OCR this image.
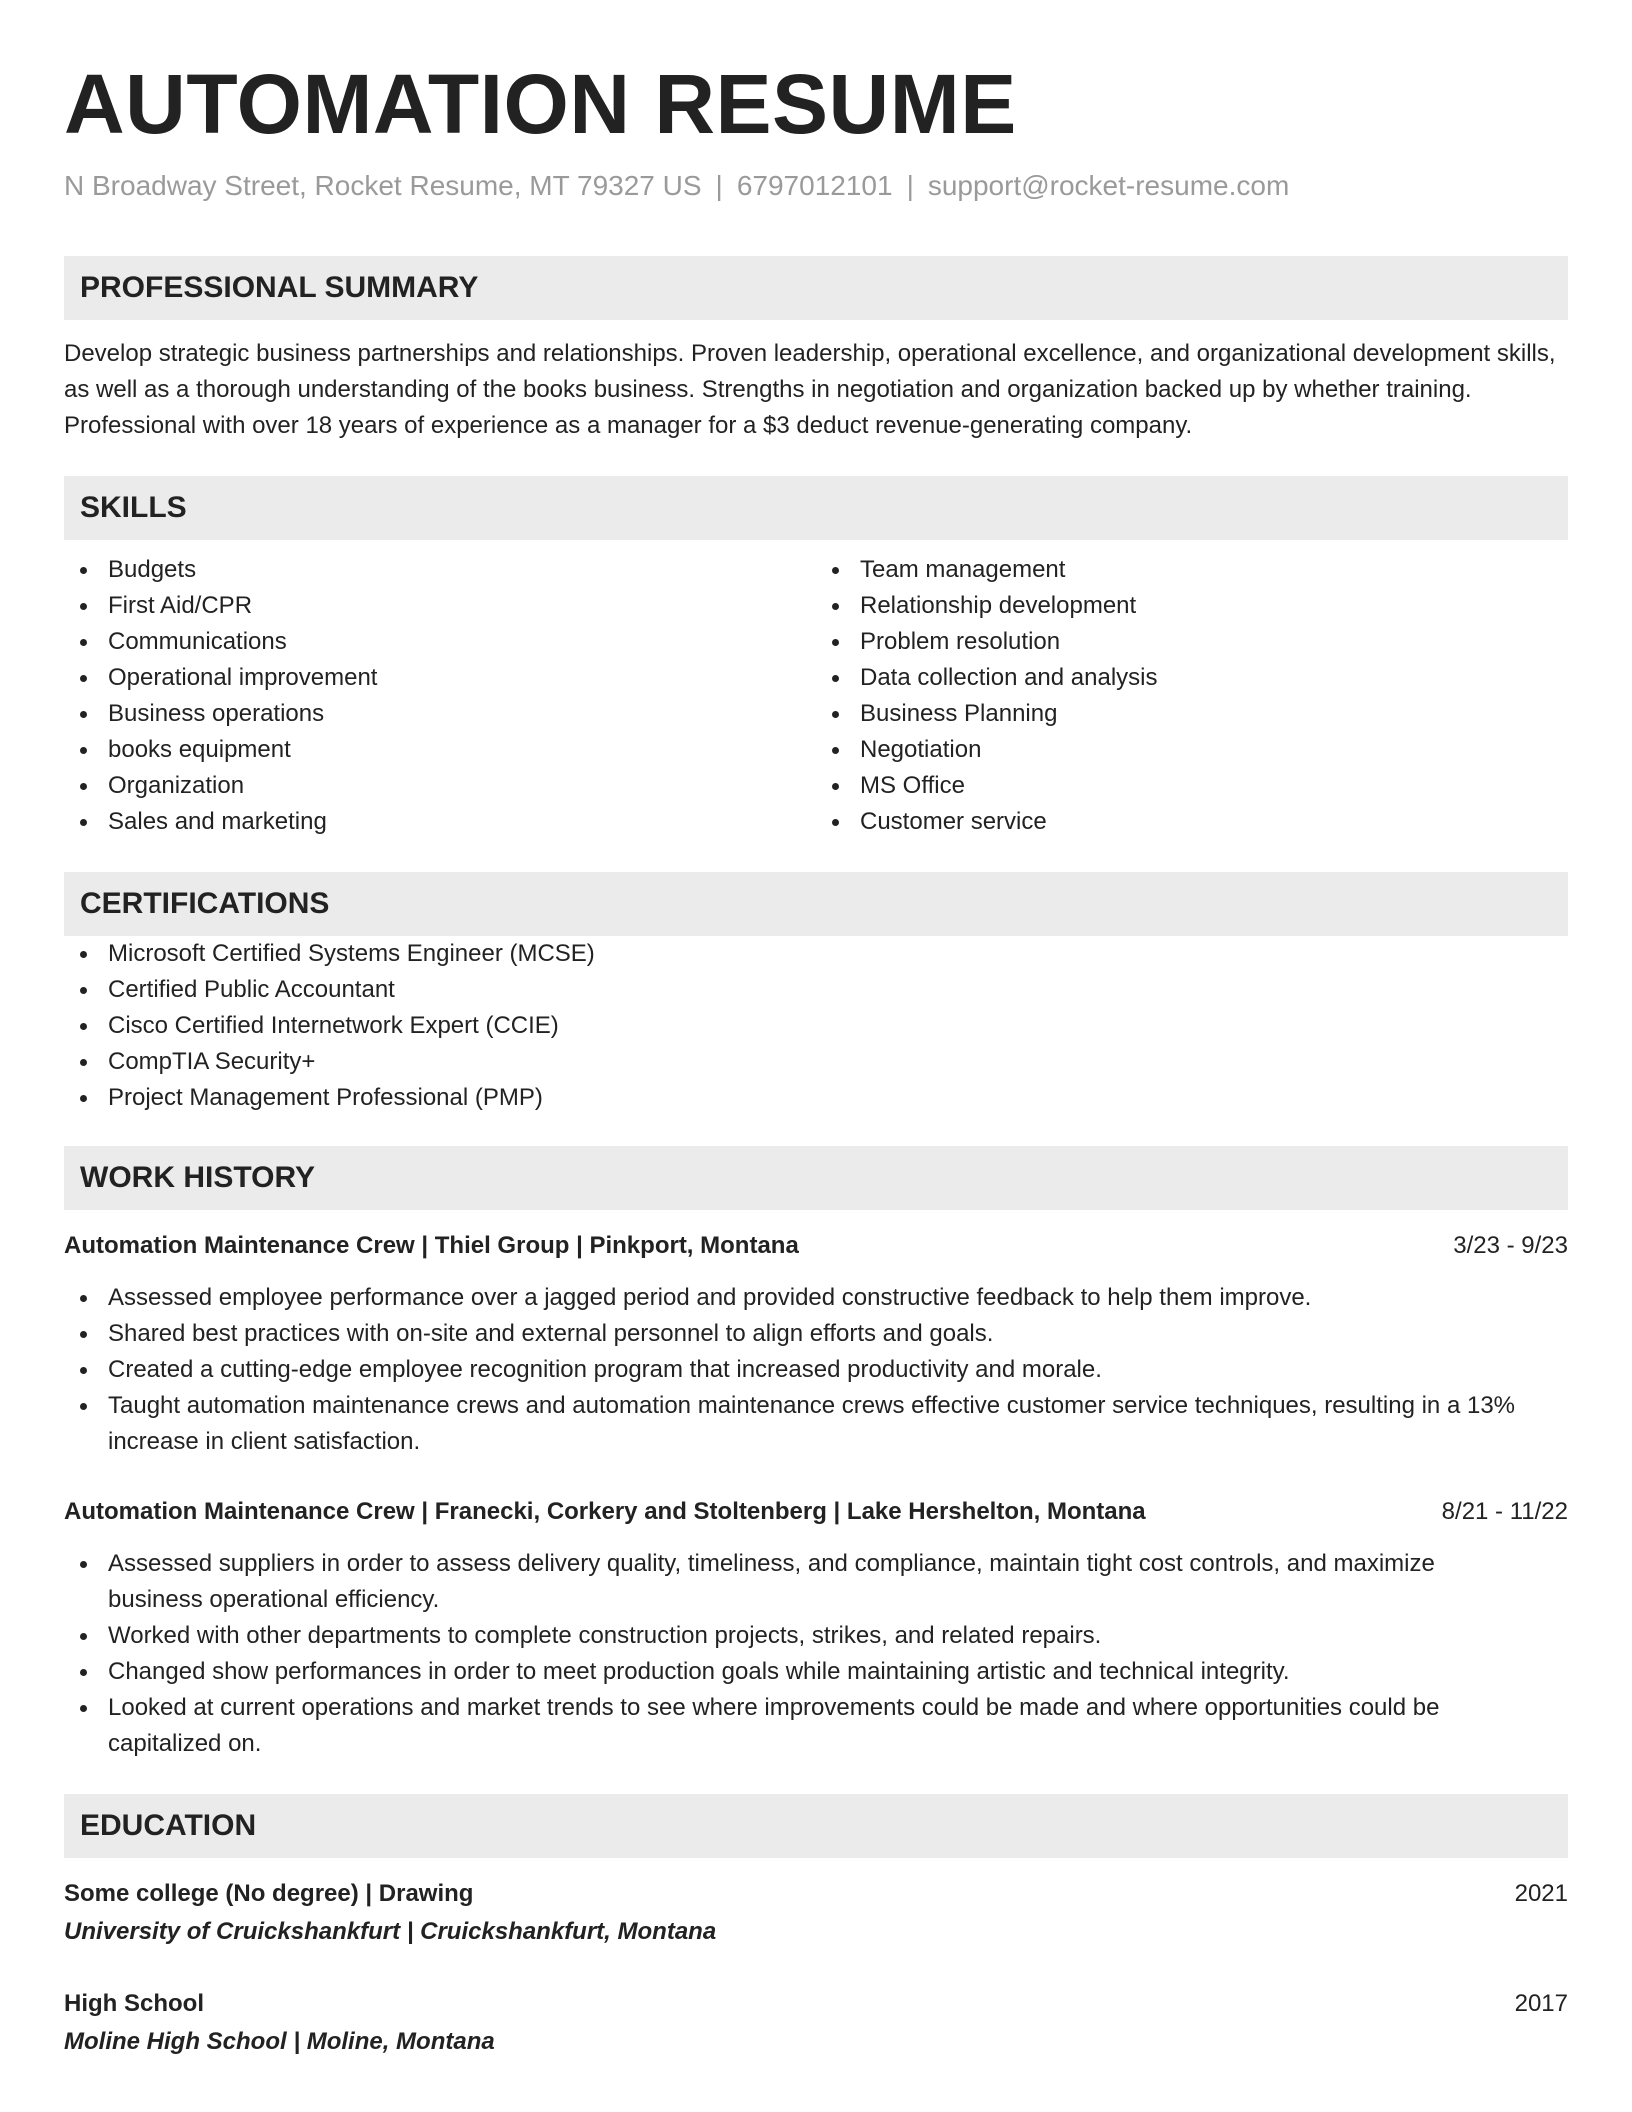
AUTOMATION RESUME
N Broadway Street, Rocket Resume, MT 79327 US | 6797012101 | support@rocket-resume.com
PROFESSIONAL SUMMARY
Develop strategic business partnerships and relationships. Proven leadership, operational excellence, and organizational development skills, as well as a thorough understanding of the books business. Strengths in negotiation and organization backed up by whether training. Professional with over 18 years of experience as a manager for a $3 deduct revenue-generating company.
SKILLS
Budgets
First Aid/CPR
Communications
Operational improvement
Business operations
books equipment
Organization
Sales and marketing
Team management
Relationship development
Problem resolution
Data collection and analysis
Business Planning
Negotiation
MS Office
Customer service
CERTIFICATIONS
Microsoft Certified Systems Engineer (MCSE)
Certified Public Accountant
Cisco Certified Internetwork Expert (CCIE)
CompTIA Security+
Project Management Professional (PMP)
WORK HISTORY
Automation Maintenance Crew | Thiel Group | Pinkport, Montana	3/23 - 9/23
Assessed employee performance over a jagged period and provided constructive feedback to help them improve.
Shared best practices with on-site and external personnel to align efforts and goals.
Created a cutting-edge employee recognition program that increased productivity and morale.
Taught automation maintenance crews and automation maintenance crews effective customer service techniques, resulting in a 13% increase in client satisfaction.
Automation Maintenance Crew | Franecki, Corkery and Stoltenberg | Lake Hershelton, Montana	8/21 - 11/22
Assessed suppliers in order to assess delivery quality, timeliness, and compliance, maintain tight cost controls, and maximize business operational efficiency.
Worked with other departments to complete construction projects, strikes, and related repairs.
Changed show performances in order to meet production goals while maintaining artistic and technical integrity.
Looked at current operations and market trends to see where improvements could be made and where opportunities could be capitalized on.
EDUCATION
Some college (No degree) | Drawing	2021
University of Cruickshankfurt | Cruickshankfurt, Montana
High School	2017
Moline High School | Moline, Montana
